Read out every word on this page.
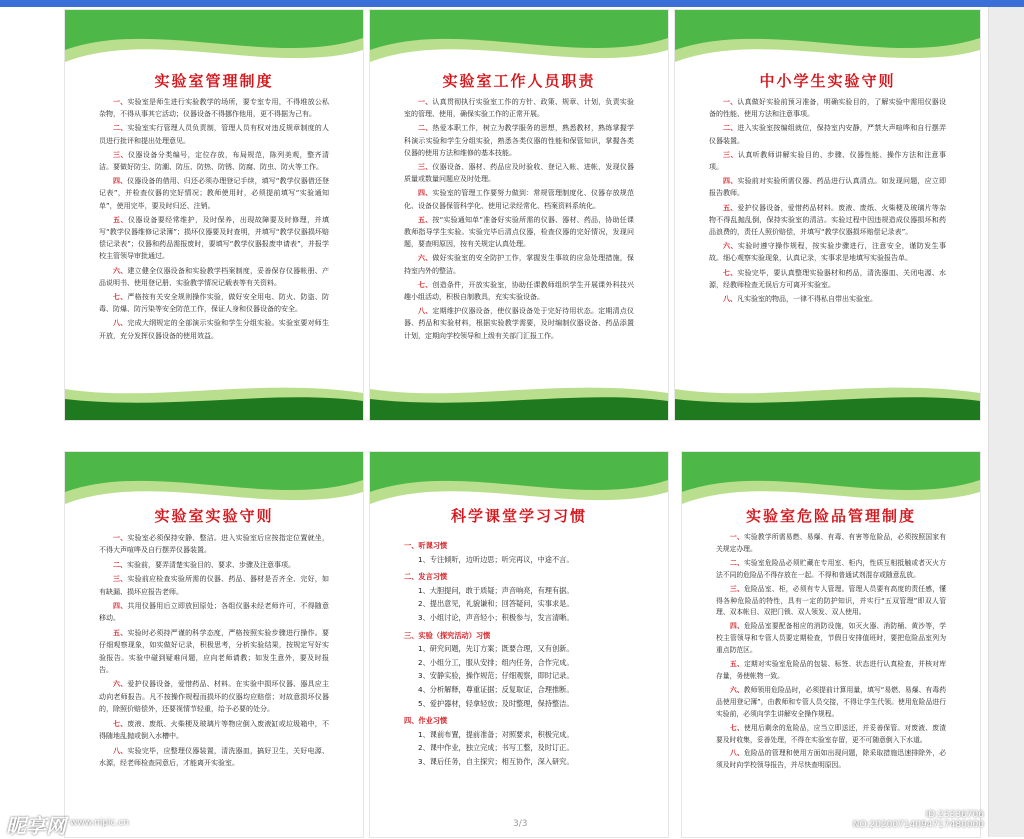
实验室管理制度

一、实验室是师生进行实验教学的场所，要专室专用，不得堆放公私杂物，不得从事其它活动；仪器设备不得挪作他用，更不得据为己有。

二、实验室实行管理人员负责制，管理人员有权对违反规章制度的人员进行批评和提出处理意见。

三、仪器设备分类编号，定位存放，布局规范，陈列美观，整齐清洁。要做好防尘、防潮、防压、防热、防锈、防腐、防虫、防火等工作。

四、仪器设备的借用、归还必须办理登记手续，填写“教学仪器借还登记表”，并检查仪器的完好情况；教师使用时，必须提前填写“实验通知单”，使用完毕，要及时归还、注销。

五、仪器设备要经常维护，及时保养，出现故障要及时修理，并填写“教学仪器维修记录簿”；损坏仪器要及时查明，并填写“教学仪器损坏赔偿记录表”；仪器和药品需报废时，要填写“教学仪器报废申请表”，并报学校主管领导审批通过。

六、建立健全仪器设备和实验教学档案制度，妥善保存仪器帐册、产品说明书、使用登记册、实验教学情况记载表等有关资料。

七、严格按有关安全规则操作实验，做好安全用电、防火、防盗、防毒、防爆、防污染等安全防范工作，保证人身和仪器设备的安全。

八、完成大纲规定的全部演示实验和学生分组实验。实验室要对师生开放，充分发挥仪器设备的使用效益。

实验室工作人员职责

一、认真贯彻执行实验室工作的方针、政策、规章、计划，负责实验室的管理、使用，确保实验工作的正常开展。

二、热爱本职工作，树立为教学服务的思想，熟悉教材，熟练掌握学科演示实验和学生分组实验，熟悉各类仪器的性能和保管知识，掌握各类仪器的使用方法和维修的基本技能。

三、仪器设备、器材、药品应及时验收、登记入帐、进帐，发现仪器质量或数量问题应及时处理。

四、实验室的管理工作要努力做到：常规管理制度化、仪器存放规范化、设备仪器保管科学化、使用记录经常化、档案资料系统化。

五、按“实验通知单”准备好实验所需的仪器、器材、药品，协助任课教师指导学生实验。实验完毕后清点仪器，检查仪器的完好情况，发现问题，要查明原因，按有关规定认真处理。

六、做好实验室的安全防护工作，掌握发生事故的应急处理措施，保持室内外的整洁。

七、创造条件，开放实验室，协助任课教师组织学生开展课外科技兴趣小组活动，积极自制教具，充实实验设备。

八、定期维护仪器设备，使仪器设备处于完好待用状态。定期清点仪器、药品和实验材料，根据实验教学需要，及时编制仪器设备、药品添置计划，定期向学校领导和上级有关部门汇报工作。

中小学生实验守则

一、认真做好实验前预习准备，明确实验目的，了解实验中需用仪器设备的性能、使用方法和注意事项。

二、进入实验室按编组就位，保持室内安静，严禁大声喧哗和自行摆弄仪器装置。

三、认真听教师讲解实验目的、步骤、仪器性能、操作方法和注意事项。

四、实验前对实验所需仪器、药品进行认真清点。如发现问题，应立即报告教师。

五、爱护仪器设备，爱惜药品材料。废液、废纸、火柴梗及玻璃片等杂物不得乱抛乱倒，保持实验室的清洁。实验过程中因违规造成仪器损坏和药品浪费的，责任人照价赔偿，并填写“教学仪器损坏赔偿记录表”。

六、实验时遵守操作规程，按实验步骤进行，注意安全，谨防发生事故。细心观察实验现象，认真记录，实事求是地填写实验报告单。

七、实验完毕，要认真整理实验器材和药品，清洗器皿、关闭电源、水源，经教师检查无误后方可离开实验室。

八、凡实验室的物品，一律不得私自带出实验室。

实验室实验守则

一、实验室必须保持安静、整洁。进入实验室后应按指定位置就坐，不得大声喧哗及自行摆弄仪器装置。

二、实验前，要弄清楚实验目的、要求、步骤及注意事项。

三、实验前应检查实验所需的仪器、药品、器材是否齐全、完好，如有缺漏、损坏应报告老师。

四、共用仪器用后立即放回原处；各组仪器未经老师许可，不得随意移动。

五、实验时必须持严谨的科学态度，严格按照实验步骤进行操作。要仔细观察现象，如实做好记录，积极思考，分析实验结果，按规定写好实验报告。实验中碰到疑难问题，应向老师请教；如发生意外，要及时报告。

六、爱护仪器设备，爱惜药品、材料。在实验中损坏仪器、器具应主动向老师报告。凡不按操作规程而损坏的仪器均应赔偿；对故意损坏仪器的，除照价赔偿外，还要视情节轻重，给予必要的处分。

七、废液、废纸、火柴梗及玻璃片等物应倒入废液缸或垃圾箱中，不得随地乱抛或倒入水槽中。

八、实验完毕，应整理仪器装置，清洗器皿，搞好卫生，关好电源、水源，经老师检查同意后，才能离开实验室。

科学课堂学习习惯
一、听课习惯
1、专注倾听，边听边思；听完再议，中途不言。
二、发言习惯
1、大胆提问，敢于质疑；声音响亮，有理有据。
2、提出意见，礼貌谦和；回答疑问，实事求是。
3、小组讨论，声音轻小；积极参与，发言清晰。
三、实验（探究活动）习惯
1、研究问题，先订方案；既要合理，又有创新。
2、小组分工，服从安排；组内任务，合作完成。
3、安静实验，操作规范；仔细观察，即时记录。
4、分析解释，尊重证据；反复取证，合理推断。
5、爱护器材，轻拿轻放；及时整理，保持整洁。
四、作业习惯
1、课前布置，提前准备；对照要求，积极完成。
2、课中作业，独立完成；书写工整，及时订正。
3、课后任务，自主探究；相互协作，深入研究。
实验室危险品管理制度

一、实验教学所需易燃、易爆、有毒、有害等危险品，必须按照国家有关规定办理。

二、实验室危险品必须贮藏在专用室、柜内，性质互相抵触或者灭火方法不同的危险品不得存放在一起。不得和普通试剂混存或随意乱放。

三、危险品室、柜，必须有专人管理。管理人员要有高度的责任感，懂得各种危险品的特性，具有一定的防护知识，并实行“五双管理”即双人管理、双本帐目、双把门锁、双人领发、双人使用。

四、危险品室要配备相应的消防设施，如灭火器、消防桶、黄沙等，学校主管领导和专管人员要定期检查，节假日安排值班时，要把危险品室列为重点防范区。

五、定期对实验室危险品的包装、标签、状态进行认真检查，并核对库存量，务使帐物一致。

六、教师领用危险品时，必须提前计算用量，填写“易燃、易爆、有毒药品使用登记簿”，由教师和专管人员交接，不得让学生代领。使用危险品进行实验前，必须向学生讲解安全操作规程。

七、使用后剩余的危险品，应当立即送还，并妥善保管。对废液、废渣要及时收集，妥善处理，不得在实验室存留，更不可随意倒入下水道。

八、危险品的管理和使用方面如出现问题，除采取措施迅速排除外，必须及时向学校领导报告，并尽快查明原因。

3/3
昵享网 www.nipic.cn
ID:23336706 NO:20200714094717480000
